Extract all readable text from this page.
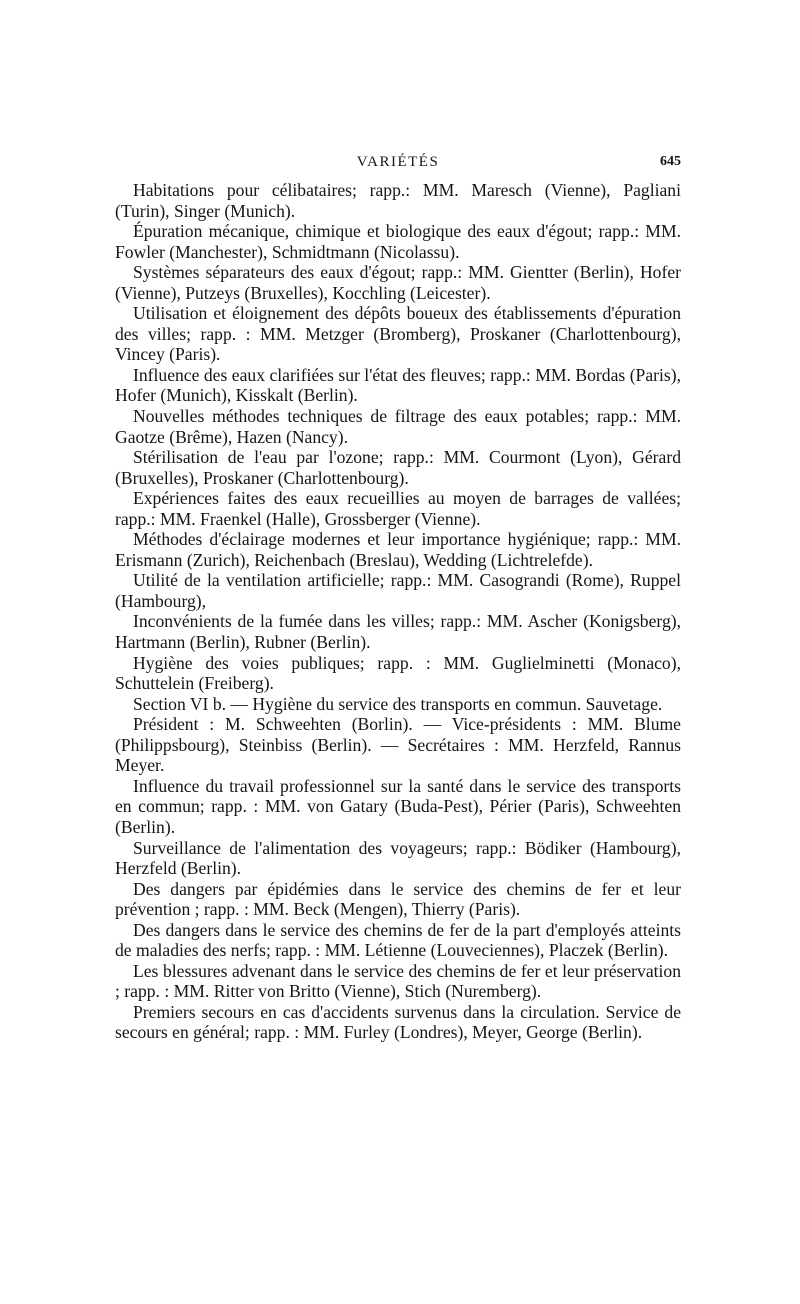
VARIÉTÉS	645

Habitations pour célibataires; rapp.: MM. Maresch (Vienne), Pagliani (Turin), Singer (Munich).

Épuration mécanique, chimique et biologique des eaux d'égout; rapp.: MM. Fowler (Manchester), Schmidtmann (Nicolassu).

Systèmes séparateurs des eaux d'égout; rapp.: MM. Gientter (Berlin), Hofer (Vienne), Putzeys (Bruxelles), Kocchling (Leicester).

Utilisation et éloignement des dépôts boueux des établissements d'épuration des villes; rapp. : MM. Metzger (Bromberg), Proskaner (Charlottenbourg), Vincey (Paris).

Influence des eaux clarifiées sur l'état des fleuves; rapp.: MM. Bordas (Paris), Hofer (Munich), Kisskalt (Berlin).

Nouvelles méthodes techniques de filtrage des eaux potables; rapp.: MM. Gaotze (Brême), Hazen (Nancy).

Stérilisation de l'eau par l'ozone; rapp.: MM. Courmont (Lyon), Gérard (Bruxelles), Proskaner (Charlottenbourg).

Expériences faites des eaux recueillies au moyen de barrages de vallées; rapp.: MM. Fraenkel (Halle), Grossberger (Vienne).

Méthodes d'éclairage modernes et leur importance hygiénique; rapp.: MM. Erismann (Zurich), Reichenbach (Breslau), Wedding (Lichtrelefde).

Utilité de la ventilation artificielle; rapp.: MM. Casograndi (Rome), Ruppel (Hambourg),

Inconvénients de la fumée dans les villes; rapp.: MM. Ascher (Konigsberg), Hartmann (Berlin), Rubner (Berlin).

Hygiène des voies publiques; rapp. : MM. Guglielminetti (Monaco), Schuttelein (Freiberg).

Section VI b. — Hygiène du service des transports en commun. Sauvetage.

Président : M. Schweehten (Borlin). — Vice-présidents : MM. Blume (Philippsbourg), Steinbiss (Berlin). — Secrétaires : MM. Herzfeld, Rannus Meyer.

Influence du travail professionnel sur la santé dans le service des transports en commun; rapp. : MM. von Gatary (Buda-Pest), Périer (Paris), Schweehten (Berlin).

Surveillance de l'alimentation des voyageurs; rapp.: Bödiker (Hambourg), Herzfeld (Berlin).

Des dangers par épidémies dans le service des chemins de fer et leur prévention ; rapp. : MM. Beck (Mengen), Thierry (Paris).

Des dangers dans le service des chemins de fer de la part d'employés atteints de maladies des nerfs; rapp. : MM. Létienne (Louveciennes), Placzek (Berlin).

Les blessures advenant dans le service des chemins de fer et leur préservation ; rapp. : MM. Ritter von Britto (Vienne), Stich (Nuremberg).

Premiers secours en cas d'accidents survenus dans la circulation. Service de secours en général; rapp. : MM. Furley (Londres), Meyer, George (Berlin).
